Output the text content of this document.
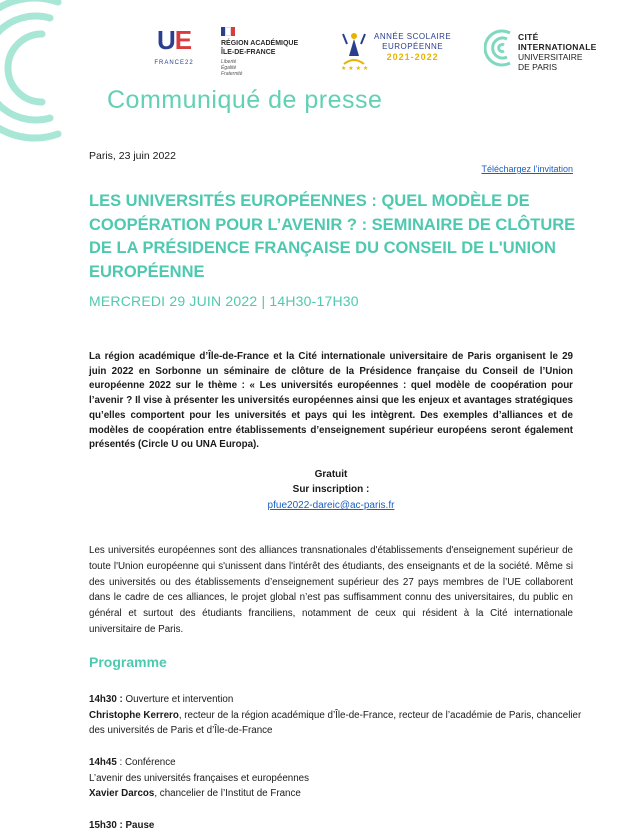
UE
FRANCE22
RÉGION ACADÉMIQUE
ÎLE-DE-FRANCE
Liberté
Égalité
Fraternité
★ ★ ★ ★
ANNÉE SCOLAIRE
EUROPÉENNE
2021-2022
CITÉ
INTERNATIONALE
UNIVERSITAIRE
DE PARIS
Communiqué de presse
Paris, 23 juin 2022
Téléchargez l’invitation
LES UNIVERSITÉS EUROPÉENNES : QUEL MODÈLE DE COOPÉRATION POUR L’AVENIR ? : SEMINAIRE DE CLÔTURE DE LA PRÉSIDENCE FRANÇAISE DU CONSEIL DE L'UNION EUROPÉENNE
MERCREDI 29 JUIN 2022 | 14H30-17H30

La région académique d’Île-de-France et la Cité internationale universitaire de Paris organisent le 29 juin 2022 en Sorbonne un séminaire de clôture de la Présidence française du Conseil de l’Union européenne 2022 sur le thème : « Les universités européennes : quel modèle de coopération pour l’avenir ? Il vise à présenter les universités européennes ainsi que les enjeux et avantages stratégiques qu’elles comportent pour les universités et pays qui les intègrent. Des exemples d’alliances et de modèles de coopération entre établissements d’enseignement supérieur européens seront également présentés (Circle U ou UNA Europa).

Gratuit
Sur inscription :
pfue2022-dareic@ac-paris.fr

Les universités européennes sont des alliances transnationales d'établissements d'enseignement supérieur de toute l'Union européenne qui s'unissent dans l'intérêt des étudiants, des enseignants et de la société. Même si des universités ou des établissements d’enseignement supérieur des 27 pays membres de l’UE collaborent dans le cadre de ces alliances, le projet global n’est pas suffisamment connu des universitaires, du public en général et surtout des étudiants franciliens, notamment de ceux qui résident à la Cité internationale universitaire de Paris.

Programme
14h30 : Ouverture et intervention
Christophe Kerrero, recteur de la région académique d’Île-de-France, recteur de l’académie de Paris, chancelier des universités de Paris et d’Île-de-France
14h45 : Conférence
L’avenir des universités françaises et européennes
Xavier Darcos, chancelier de l’Institut de France
15h30 : Pause
